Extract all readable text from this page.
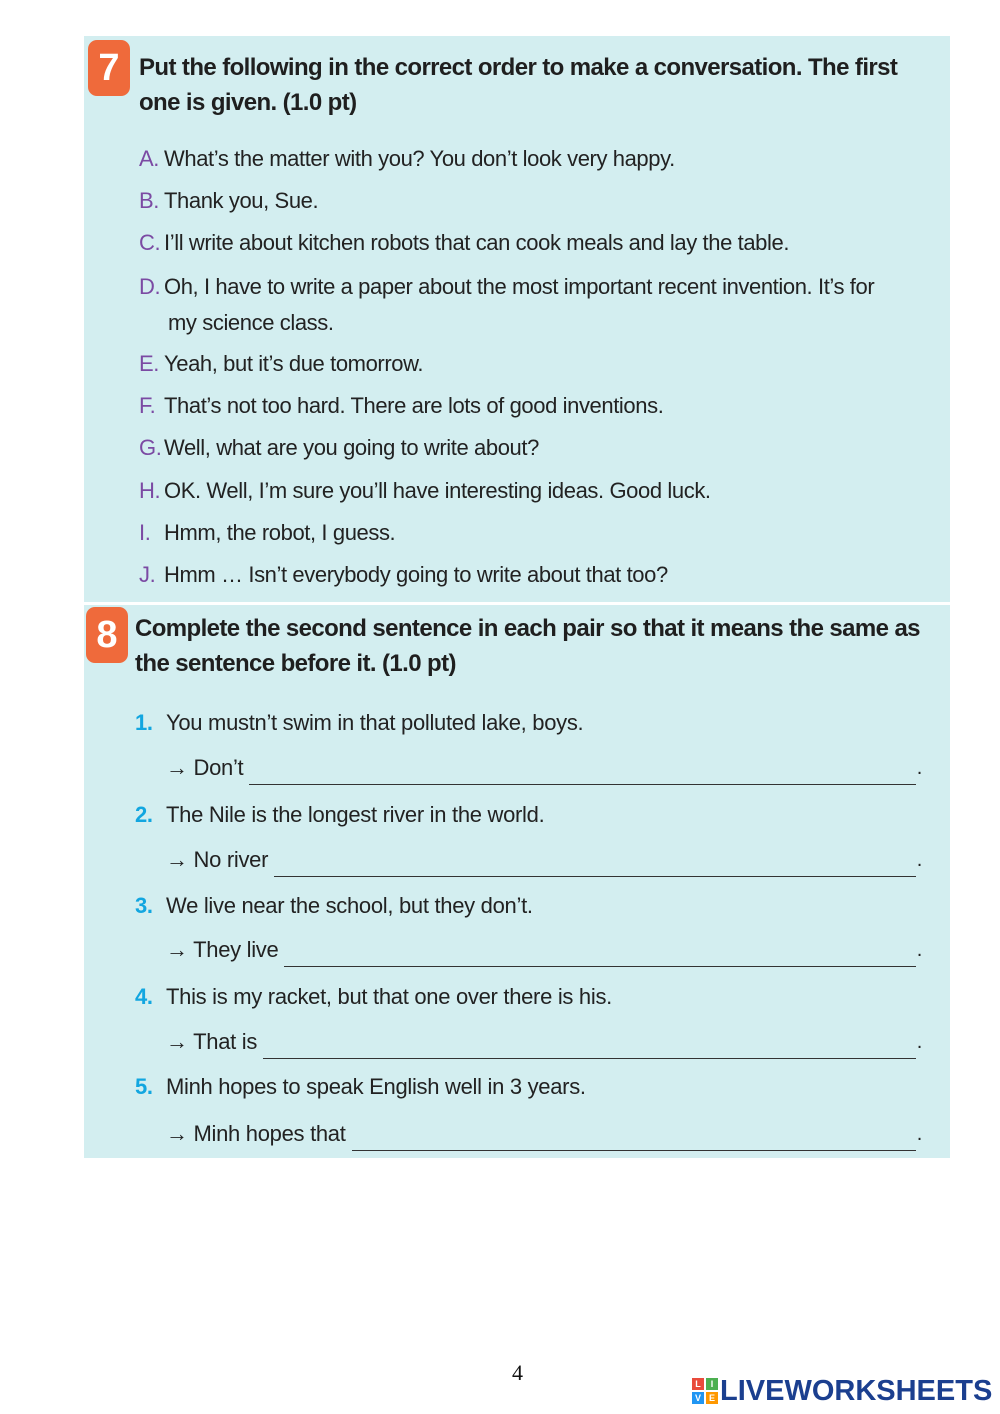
7 Put the following in the correct order to make a conversation. The first one is given. (1.0 pt)
A. What’s the matter with you? You don’t look very happy.
B. Thank you, Sue.
C. I’ll write about kitchen robots that can cook meals and lay the table.
D. Oh, I have to write a paper about the most important recent invention. It’s for
my science class.
E. Yeah, but it’s due tomorrow.
F. That’s not too hard. There are lots of good inventions.
G. Well, what are you going to write about?
H. OK. Well, I’m sure you’ll have interesting ideas. Good luck.
I. Hmm, the robot, I guess.
J. Hmm … Isn’t everybody going to write about that too?
8 Complete the second sentence in each pair so that it means the same as the sentence before it. (1.0 pt)
1. You mustn’t swim in that polluted lake, boys.
→ Don’t	.
2. The Nile is the longest river in the world.
→ No river	.
3. We live near the school, but they don’t.
→ They live	.
4. This is my racket, but that one over there is his.
→ That is	.
5. Minh hopes to speak English well in 3 years.
→ Minh hopes that	.
4	L	I
V E LIVEWORKSHEETS
